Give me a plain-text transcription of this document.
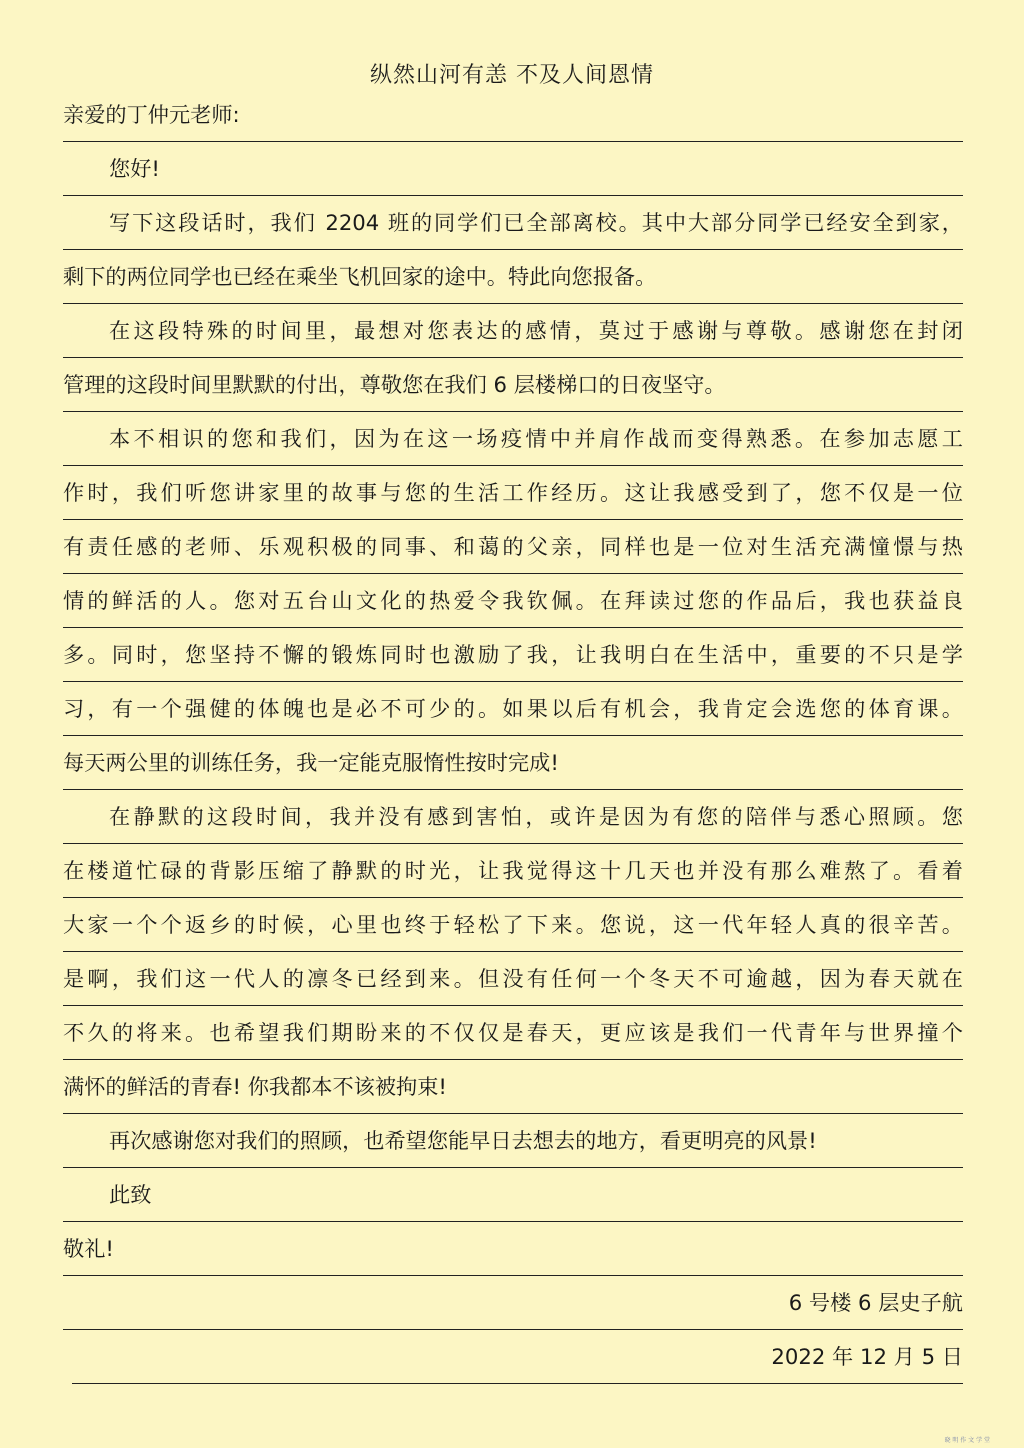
纵然山河有恙 不及人间恩情
亲爱的丁仲元老师:
您好!
写下这段话时，我们 2204 班的同学们已全部离校。其中大部分同学已经安全到家，
剩下的两位同学也已经在乘坐飞机回家的途中。特此向您报备。
在这段特殊的时间里，最想对您表达的感情，莫过于感谢与尊敬。感谢您在封闭
管理的这段时间里默默的付出，尊敬您在我们 6 层楼梯口的日夜坚守。
本不相识的您和我们，因为在这一场疫情中并肩作战而变得熟悉。在参加志愿工
作时，我们听您讲家里的故事与您的生活工作经历。这让我感受到了，您不仅是一位
有责任感的老师、乐观积极的同事、和蔼的父亲，同样也是一位对生活充满憧憬与热
情的鲜活的人。您对五台山文化的热爱令我钦佩。在拜读过您的作品后，我也获益良
多。同时，您坚持不懈的锻炼同时也激励了我，让我明白在生活中，重要的不只是学
习，有一个强健的体魄也是必不可少的。如果以后有机会，我肯定会选您的体育课。
每天两公里的训练任务，我一定能克服惰性按时完成!
在静默的这段时间，我并没有感到害怕，或许是因为有您的陪伴与悉心照顾。您
在楼道忙碌的背影压缩了静默的时光，让我觉得这十几天也并没有那么难熬了。看着
大家一个个返乡的时候，心里也终于轻松了下来。您说，这一代年轻人真的很辛苦。
是啊，我们这一代人的凛冬已经到来。但没有任何一个冬天不可逾越，因为春天就在
不久的将来。也希望我们期盼来的不仅仅是春天，更应该是我们一代青年与世界撞个
满怀的鲜活的青春! 你我都本不该被拘束!
再次感谢您对我们的照顾，也希望您能早日去想去的地方，看更明亮的风景!
此致
敬礼!
6 号楼 6 层史子航
2022 年 12 月 5 日
晓 明 作 文 学 堂
